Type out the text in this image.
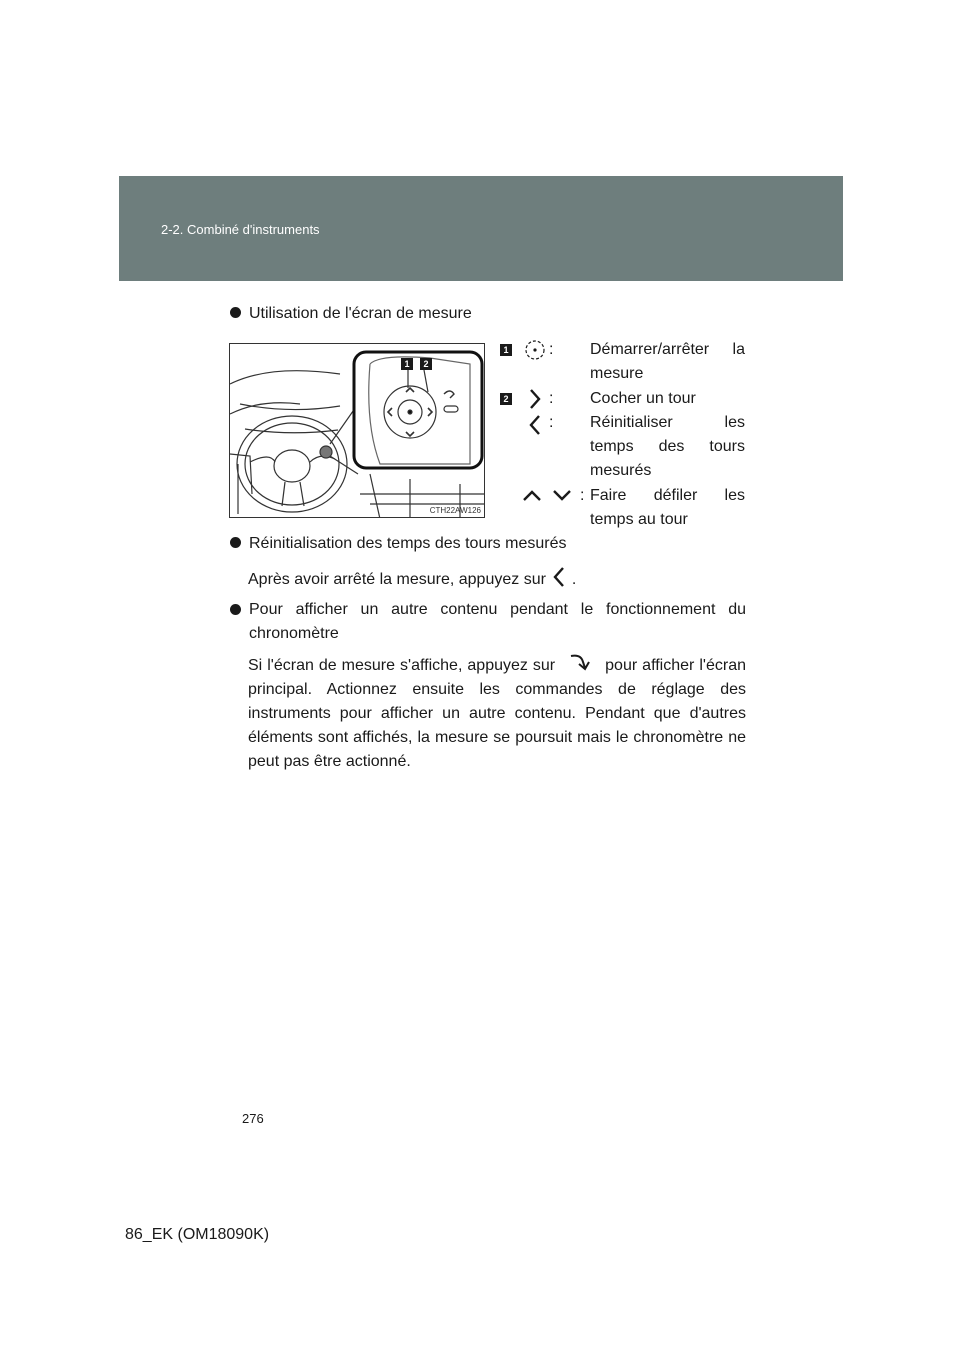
2-2. Combiné d'instruments
Utilisation de l'écran de mesure
1	2
CTH22AW126
1	: Démarrer/arrêter la mesure
2	: Cocher un tour
: Réinitialiser les temps des tours mesurés
: Faire défiler les temps au tour
Réinitialisation des temps des tours mesurés
Après avoir arrêté la mesure, appuyez sur .
Pour afficher un autre contenu pendant le fonctionnement du chronomètre
Si l'écran de mesure s'affiche, appuyez sur	pour afficher l'écran principal. Actionnez ensuite les commandes de réglage des instruments pour afficher un autre contenu. Pendant que d'autres éléments sont affichés, la mesure se poursuit mais le chronomètre ne peut pas être actionné.
276
86_EK (OM18090K)
